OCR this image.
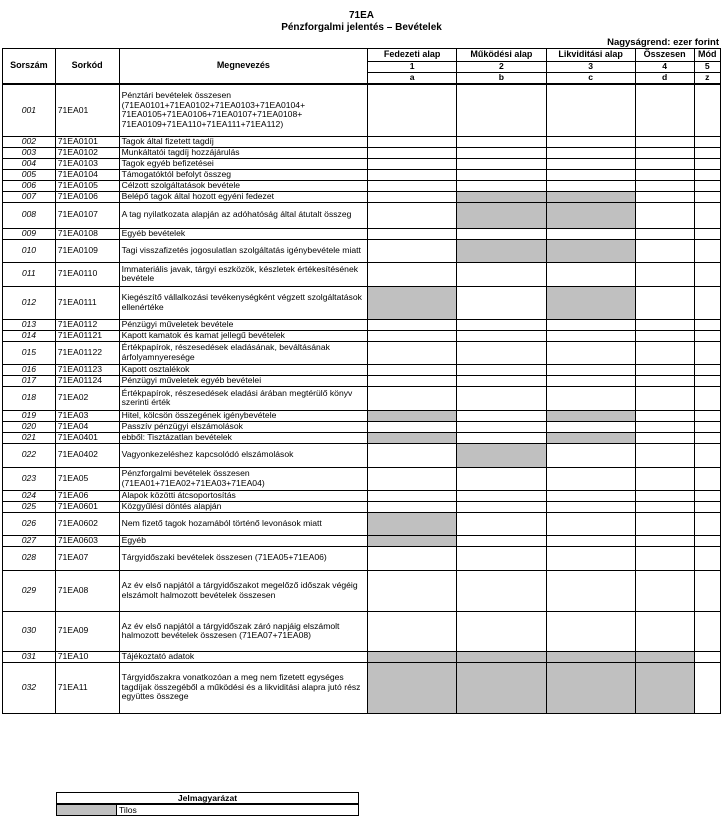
71EA
Pénzforgalmi jelentés – Bevételek
Nagyságrend: ezer forint
Sorszám	Sorkód	Megnevezés	Fedezeti alap	Működési alap	Likviditási alap	Összesen	Mód
			1	2	3	4	5
			a	b	c	d	z
001	71EA01	Pénztári bevételek összesen (71EA0101+71EA0102+71EA0103+71EA0104+ 71EA0105+71EA0106+71EA0107+71EA0108+ 71EA0109+71EA110+71EA111+71EA112)					
002	71EA0101	Tagok által fizetett tagdíj					
003	71EA0102	Munkáltatói tagdíj hozzájárulás					
004	71EA0103	Tagok egyéb befizetései					
005	71EA0104	Támogatóktól befolyt összeg					
006	71EA0105	Célzott szolgáltatások bevétele					
007	71EA0106	Belépő tagok által hozott egyéni fedezet					
008	71EA0107	A tag nyilatkozata alapján az adóhatóság által átutalt összeg					
009	71EA0108	Egyéb bevételek					
010	71EA0109	Tagi visszafizetés jogosulatlan szolgáltatás igénybevétele miatt					
011	71EA0110	Immateriális javak, tárgyi eszközök, készletek értékesítésének bevétele					
012	71EA0111	Kiegészítő vállalkozási tevékenységként végzett szolgáltatások ellenértéke					
013	71EA0112	Pénzügyi műveletek bevétele					
014	71EA01121	Kapott kamatok és kamat jellegű bevételek					
015	71EA01122	Értékpapírok, részesedések eladásának, beváltásának árfolyamnyeresége					
016	71EA01123	Kapott osztalékok					
017	71EA01124	Pénzügyi műveletek egyéb bevételei					
018	71EA02	Értékpapírok, részesedések eladási árában megtérülő könyv szerinti érték					
019	71EA03	Hitel, kölcsön összegének igénybevétele					
020	71EA04	Passzív pénzügyi elszámolások					
021	71EA0401	ebből: Tisztázatlan bevételek					
022	71EA0402	Vagyonkezeléshez kapcsolódó elszámolások					
023	71EA05	Pénzforgalmi bevételek összesen (71EA01+71EA02+71EA03+71EA04)					
024	71EA06	Alapok közötti átcsoportosítás					
025	71EA0601	Közgyűlési döntés alapján					
026	71EA0602	Nem fizető tagok hozamából történő levonások miatt					
027	71EA0603	Egyéb					
028	71EA07	Tárgyidőszaki bevételek összesen (71EA05+71EA06)					
029	71EA08	Az év első napjától a tárgyidőszakot megelőző időszak végéig elszámolt halmozott bevételek összesen					
030	71EA09	Az év első napjától a tárgyidőszak záró napjáig elszámolt halmozott bevételek összesen (71EA07+71EA08)					
031	71EA10	Tájékoztató adatok					
032	71EA11	Tárgyidőszakra vonatkozóan a meg nem fizetett egységes tagdíjak összegéből a működési és a likviditási alapra jutó rész együttes összege					
Jelmagyarázat
	Tilos
